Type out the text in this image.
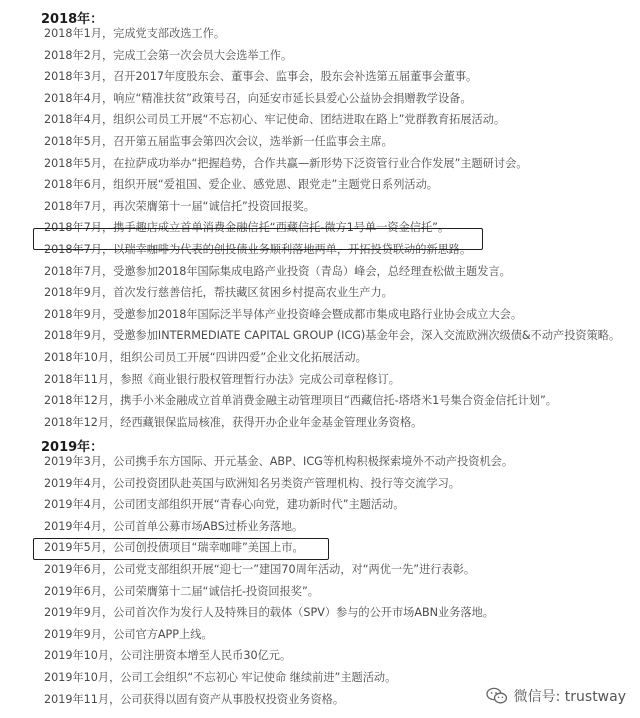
2018年：
2018年1月，完成党支部改选工作。
2018年2月，完成工会第一次会员大会选举工作。
2018年3月，召开2017年度股东会、董事会、监事会，股东会补选第五届董事会董事。
2018年4月，响应“精准扶贫”政策号召，向延安市延长县爱心公益协会捐赠教学设备。
2018年4月，组织公司员工开展“不忘初心、牢记使命、团结进取在路上”党群教育拓展活动。
2018年5月，召开第五届监事会第四次会议，选举新一任监事会主席。
2018年5月，在拉萨成功举办“把握趋势，合作共赢—新形势下泛资管行业合作发展”主题研讨会。
2018年6月，组织开展“爱祖国、爱企业、感党恩、跟党走”主题党日系列活动。
2018年7月，再次荣膺第十一届“诚信托”投资回报奖。
2018年7月，携手趣店成立首单消费金融信托“西藏信托-微方1号单一资金信托”。
2018年7月，以瑞幸咖啡为代表的创投债业务顺利落地两单，开拓投贷联动的新思路。
2018年7月，受邀参加2018年国际集成电路产业投资（青岛）峰会，总经理查松做主题发言。
2018年9月，首次发行慈善信托，帮扶藏区贫困乡村提高农业生产力。
2018年9月，受邀参加2018年国际泛半导体产业投资峰会暨成都市集成电路行业协会成立大会。
2018年9月，受邀参加INTERMEDIATE CAPITAL GROUP (ICG)基金年会，深入交流欧洲次级债&不动产投资策略。
2018年10月，组织公司员工开展“四讲四爱”企业文化拓展活动。
2018年11月，参照《商业银行股权管理暂行办法》完成公司章程修订。
2018年12月，携手小米金融成立首单消费金融主动管理项目“西藏信托-塔塔米1号集合资金信托计划”。
2018年12月，经西藏银保监局核准，获得开办企业年金基金管理业务资格。
2019年：
2019年3月，公司携手东方国际、开元基金、ABP、ICG等机构积极探索境外不动产投资机会。
2019年4月，公司投资团队赴英国与欧洲知名另类资产管理机构、投行等交流学习。
2019年4月，公司团支部组织开展“青春心向党，建功新时代”主题活动。
2019年4月，公司首单公募市场ABS过桥业务落地。
2019年5月，公司创投债项目“瑞幸咖啡”美国上市。
2019年6月，公司党支部组织开展“迎七一”建国70周年活动，对“两优一先”进行表彰。
2019年6月，公司荣膺第十二届“诚信托-投资回报奖”。
2019年9月，公司首次作为发行人及特殊目的载体（SPV）参与的公开市场ABN业务落地。
2019年9月，公司官方APP上线。
2019年10月，公司注册资本增至人民币30亿元。
2019年10月，公司工会组织“不忘初心 牢记使命 继续前进”主题活动。
2019年11月，公司获得以固有资产从事股权投资业务资格。	微信号: trustway
